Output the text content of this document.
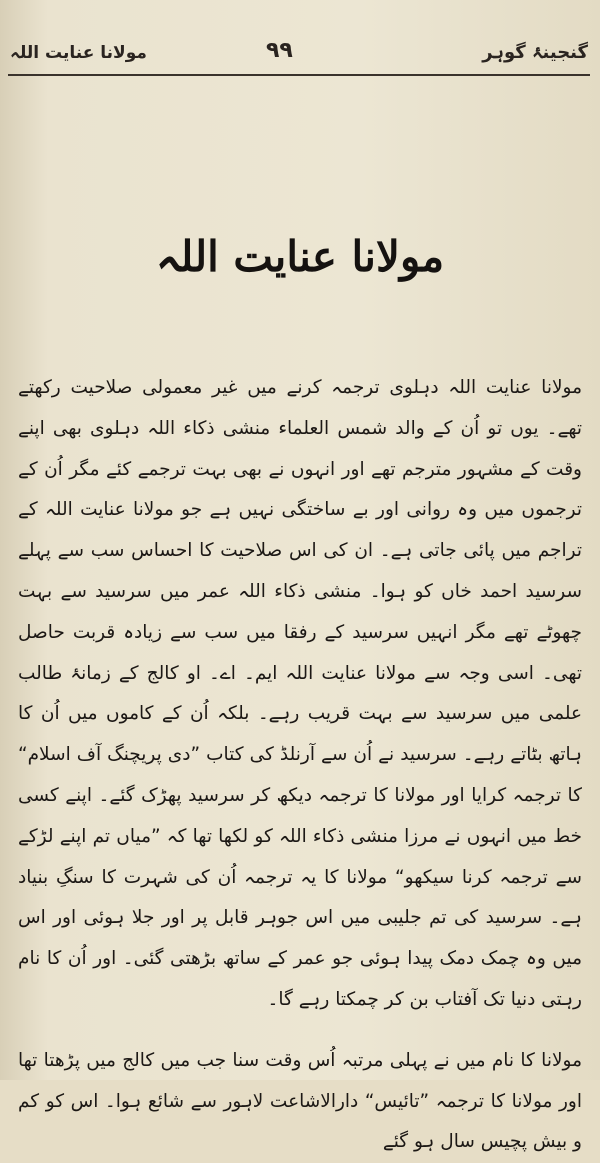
مولانا عنایت اللہ	۹۹	گنجینۂ گوہر
مولانا عنایت اللہ

مولانا عنایت اللہ دہلوی ترجمہ کرنے میں غیر معمولی صلاحیت رکھتے تھے۔ یوں تو اُن کے والد شمس العلماء منشی ذکاء اللہ دہلوی بھی اپنے وقت کے مشہور مترجم تھے اور انہوں نے بھی بہت ترجمے کئے مگر اُن کے ترجموں میں وہ روانی اور بے ساختگی نہیں ہے جو مولانا عنایت اللہ کے تراجم میں پائی جاتی ہے۔ ان کی اس صلاحیت کا احساس سب سے پہلے سرسید احمد خاں کو ہوا۔ منشی ذکاء اللہ عمر میں سرسید سے بہت چھوٹے تھے مگر انہیں سرسید کے رفقا میں سب سے زیادہ قربت حاصل تھی۔ اسی وجہ سے مولانا عنایت اللہ ایم۔ اے۔ او کالج کے زمانۂ طالب علمی میں سرسید سے بہت قریب رہے۔ بلکہ اُن کے کاموں میں اُن کا ہاتھ بٹاتے رہے۔ سرسید نے اُن سے آرنلڈ کی کتاب ”دی پریچنگ آف اسلام“ کا ترجمہ کرایا اور مولانا کا ترجمہ دیکھ کر سرسید پھڑک گئے۔ اپنے کسی خط میں انہوں نے مرزا منشی ذکاء اللہ کو لکھا تھا کہ ”میاں تم اپنے لڑکے سے ترجمہ کرنا سیکھو“ مولانا کا یہ ترجمہ اُن کی شہرت کا سنگِ بنیاد ہے۔ سرسید کی تم جلیبی میں اس جوہر قابل پر اور جلا ہوئی اور اس میں وہ چمک دمک پیدا ہوئی جو عمر کے ساتھ بڑھتی گئی۔ اور اُن کا نام رہتی دنیا تک آفتاب بن کر چمکتا رہے گا۔

مولانا کا نام میں نے پہلی مرتبہ اُس وقت سنا جب میں کالج میں پڑھتا تھا اور مولانا کا ترجمہ ”تائیس“ دارالاشاعت لاہور سے شائع ہوا۔ اس کو کم و بیش پچیس سال ہو گئے
